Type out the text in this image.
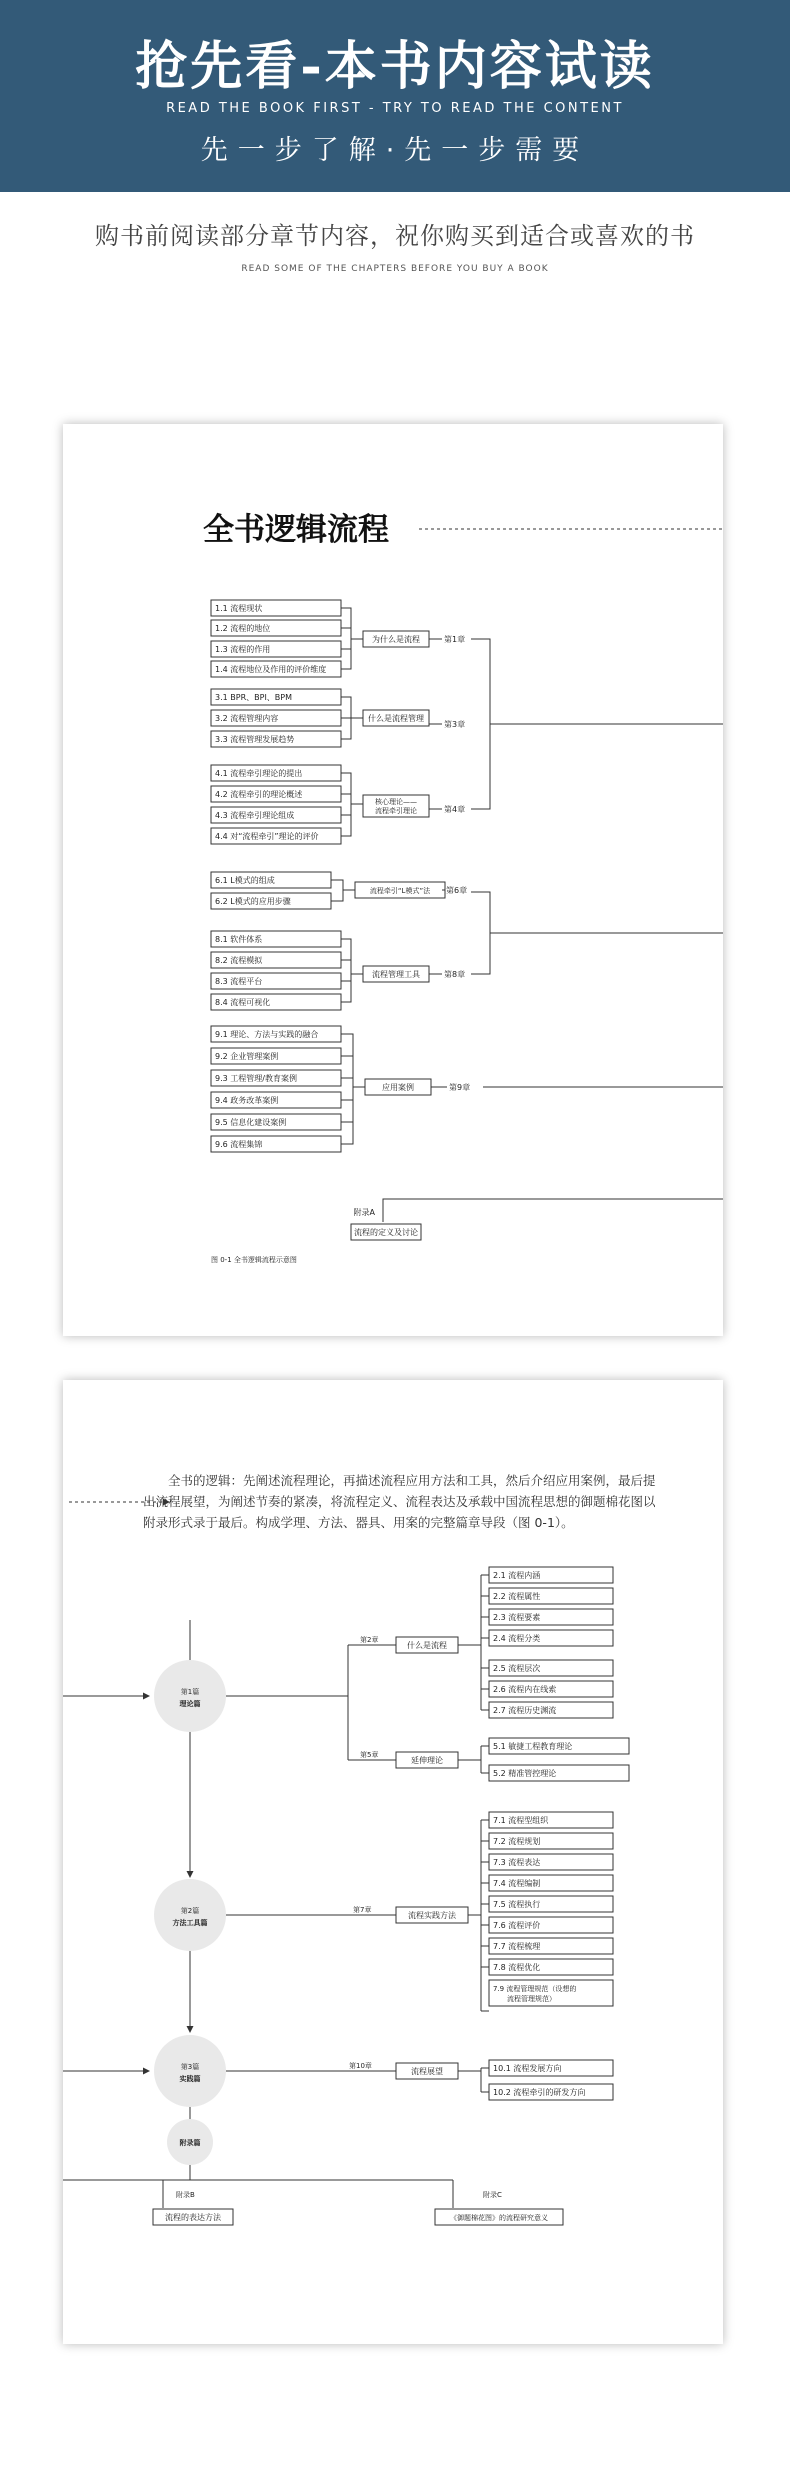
抢先看-本书内容试读
READ THE BOOK FIRST - TRY TO READ THE CONTENT
先一步了解·先一步需要
购书前阅读部分章节内容，祝你购买到适合或喜欢的书
READ SOME OF THE CHAPTERS BEFORE YOU BUY A BOOK
全书逻辑流程
1.1 流程现状
1.2 流程的地位
1.3 流程的作用
1.4 流程地位及作用的评价维度
为什么是流程	第1章
3.1 BPR、BPI、BPM
3.2 流程管理内容
3.3 流程管理发展趋势
什么是流程管理
第3章
4.1 流程牵引理论的提出
4.2 流程牵引的理论概述
4.3 流程牵引理论组成
4.4 对“流程牵引”理论的评价
核心理论——
流程牵引理论	第4章
6.1 L模式的组成
6.2 L模式的应用步骤
流程牵引“L模式”法 第6章
8.1 软件体系
8.2 流程模拟
8.3 流程平台
8.4 流程可视化
流程管理工具	第8章
9.1 理论、方法与实践的融合
9.2 企业管理案例
9.3 工程管理/教育案例
9.4 政务改革案例
9.5 信息化建设案例
9.6 流程集锦
应用案例	第9章
附录A
流程的定义及讨论
图 0-1 全书逻辑流程示意图

全书的逻辑：先阐述流程理论，再描述流程应用方法和工具，然后介绍应用案例，最后提出流程展望，为阐述节奏的紧凑，将流程定义、流程表达及承载中国流程思想的御题棉花图以附录形式录于最后。构成学理、方法、器具、用案的完整篇章导段（图 0-1）。

第1篇
理论篇
第2篇
方法工具篇
第3篇
实践篇
附录篇
第2章
什么是流程
2.1 流程内涵
2.2 流程属性
2.3 流程要素
2.4 流程分类
2.5 流程层次
2.6 流程内在线索
2.7 流程历史渊流
第5章
延伸理论
5.1 敏捷工程教育理论
5.2 精准管控理论
第7章
流程实践方法
7.1 流程型组织
7.2 流程规划
7.3 流程表达
7.4 流程编制
7.5 流程执行
7.6 流程评价
7.7 流程梳理
7.8 流程优化
7.9 流程管理规范（设想的
流程管理规范）
第10章
流程展望	10.1 流程发展方向
10.2 流程牵引的研发方向
附录B
流程的表达方法
附录C
《御题棉花图》的流程研究意义
